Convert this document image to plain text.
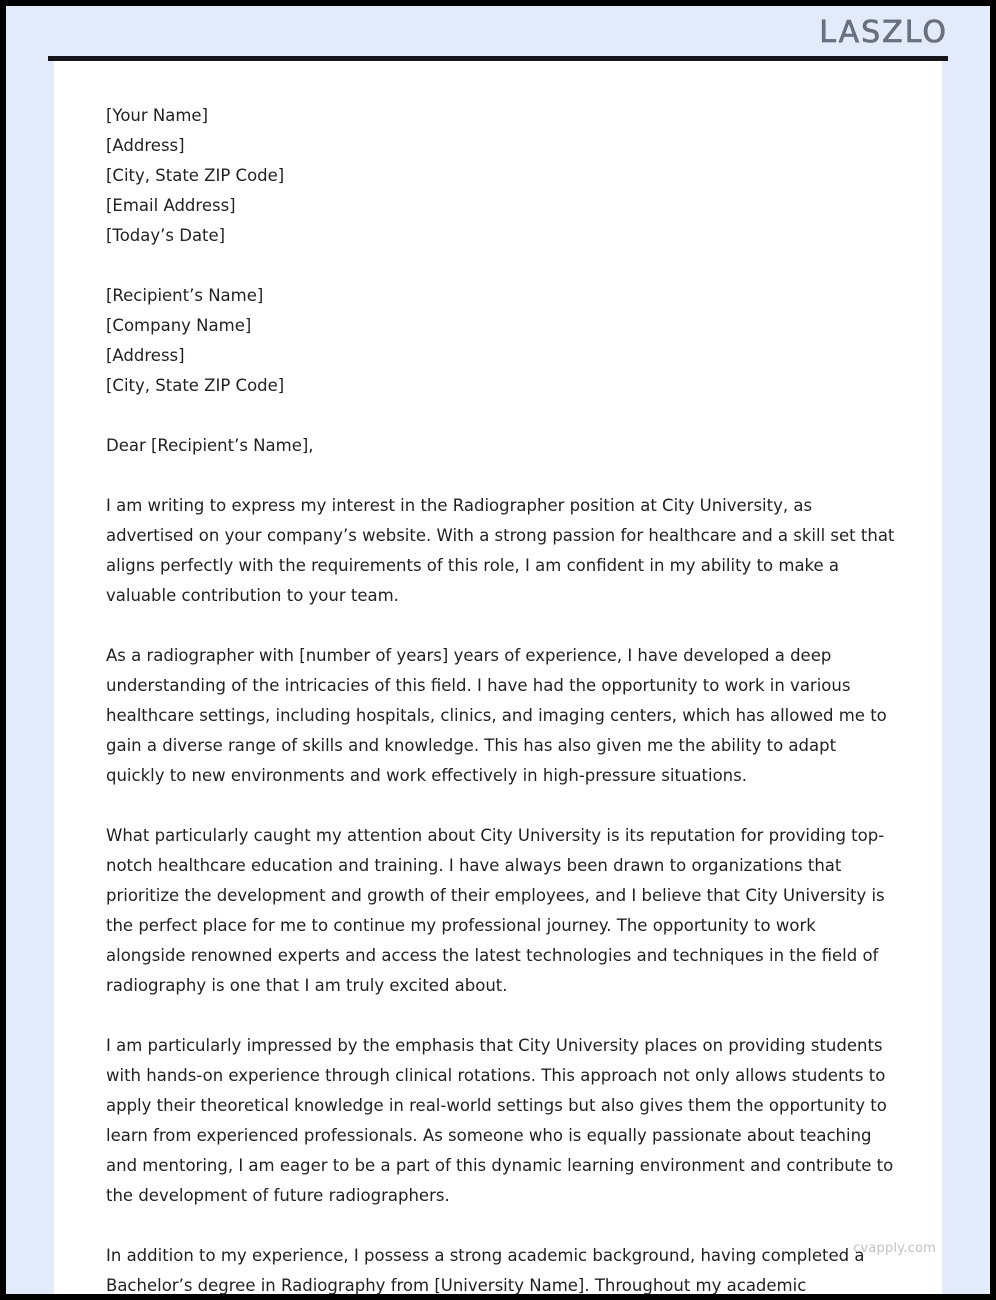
LASZLO
[Your Name]
[Address]
[City, State ZIP Code]
[Email Address]
[Today’s Date]
[Recipient’s Name]
[Company Name]
[Address]
[City, State ZIP Code]
Dear [Recipient’s Name],

I am writing to express my interest in the Radiographer position at City University, as advertised on your company’s website. With a strong passion for healthcare and a skill set that aligns perfectly with the requirements of this role, I am confident in my ability to make a valuable contribution to your team.

As a radiographer with [number of years] years of experience, I have developed a deep understanding of the intricacies of this field. I have had the opportunity to work in various healthcare settings, including hospitals, clinics, and imaging centers, which has allowed me to gain a diverse range of skills and knowledge. This has also given me the ability to adapt quickly to new environments and work effectively in high-pressure situations.

What particularly caught my attention about City University is its reputation for providing top-notch healthcare education and training. I have always been drawn to organizations that prioritize the development and growth of their employees, and I believe that City University is the perfect place for me to continue my professional journey. The opportunity to work alongside renowned experts and access the latest technologies and techniques in the field of radiography is one that I am truly excited about.

I am particularly impressed by the emphasis that City University places on providing students with hands-on experience through clinical rotations. This approach not only allows students to apply their theoretical knowledge in real-world settings but also gives them the opportunity to learn from experienced professionals. As someone who is equally passionate about teaching and mentoring, I am eager to be a part of this dynamic learning environment and contribute to the development of future radiographers.

In addition to my experience, I possess a strong academic background, having completed a Bachelor’s degree in Radiography from [University Name]. Throughout my academic

cvapply.com
